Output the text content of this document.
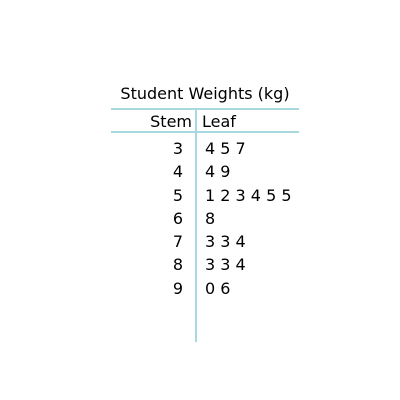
Student Weights (kg)
Stem Leaf
3 4 5 7
4 4 9
5 1 2 3 4 5 5
6 8
7 3 3 4
8 3 3 4
9 0 6
